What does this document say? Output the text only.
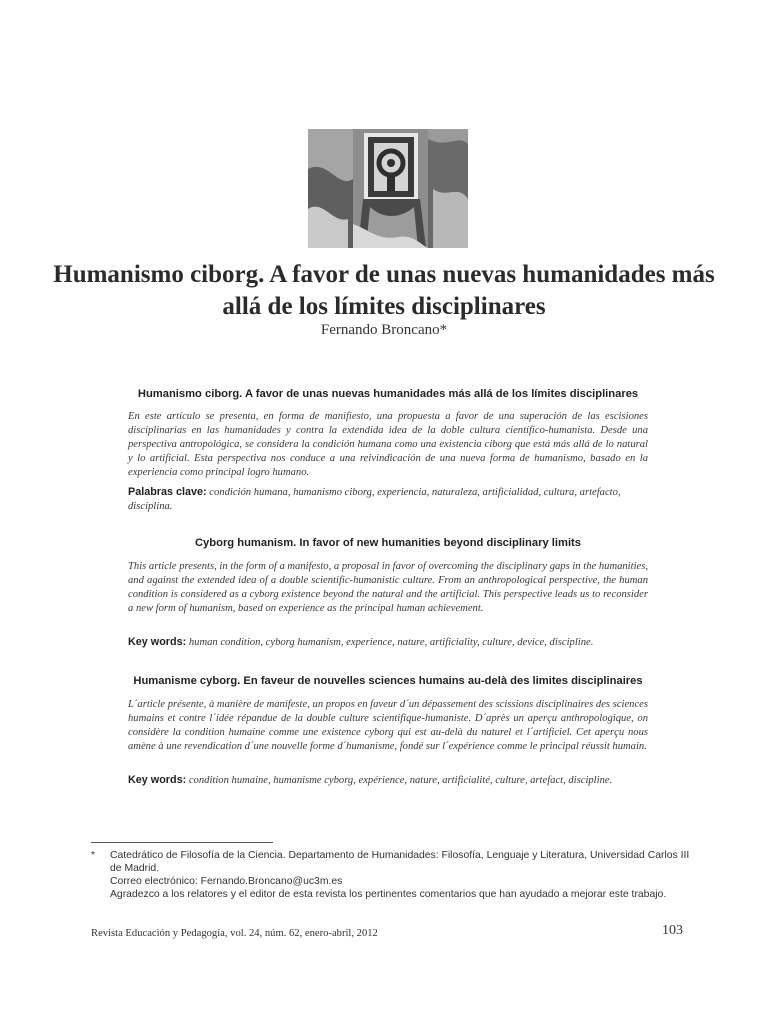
Humanismo ciborg. A favor de unas nuevas humanidades más allá de los límites disciplinares
Fernando Broncano*
Humanismo ciborg. A favor de unas nuevas humanidades más allá de los límites disciplinares

En este artículo se presenta, en forma de manifiesto, una propuesta a favor de una superación de las escisiones disciplinarias en las humanidades y contra la extendida idea de la doble cultura científico-humanista. Desde una perspectiva antropológica, se considera la condición humana como una existencia ciborg que está más allá de lo natural y lo artificial. Esta perspectiva nos conduce a una reivindicación de una nueva forma de humanismo, basado en la experiencia como principal logro humano.

Palabras clave: condición humana, humanismo ciborg, experiencia, naturaleza, artificialidad, cultura, artefacto, disciplina.

Cyborg humanism. In favor of new humanities beyond disciplinary limits

This article presents, in the form of a manifesto, a proposal in favor of overcoming the disciplinary gaps in the humanities, and against the extended idea of a double scientific-humanistic culture. From an anthropological perspective, the human condition is considered as a cyborg existence beyond the natural and the artificial. This perspective leads us to reconsider a new form of humanism, based on experience as the principal human achievement.

Key words: human condition, cyborg humanism, experience, nature, artificiality, culture, device, discipline.

Humanisme cyborg. En faveur de nouvelles sciences humains au-delà des limites disciplinaires

L´article présente, à manière de manifeste, un propos en faveur d´un dépassement des scissions disciplinaires des sciences humains et contre l´idée répandue de la double culture scientifique-humaniste. D´après un aperçu anthropologique, on considère la condition humaine comme une existence cyborg qui est au-delà du naturel et l´artificiel. Cet aperçu nous amène à une revendication d´une nouvelle forme d´humanisme, fondé sur l´expérience comme le principal réussit humain.

Key words: condition humaine, humanisme cyborg, expérience, nature, artificialité, culture, artefact, discipline.

* Catedrático de Filosofía de la Ciencia. Departamento de Humanidades: Filosofía, Lenguaje y Literatura, Universidad Carlos III de Madrid.
Correo electrónico: Fernando.Broncano@uc3m.es
Agradezco a los relatores y el editor de esta revista los pertinentes comentarios que han ayudado a mejorar este trabajo.
Revista Educación y Pedagogía, vol. 24, núm. 62, enero-abril, 2012	103
